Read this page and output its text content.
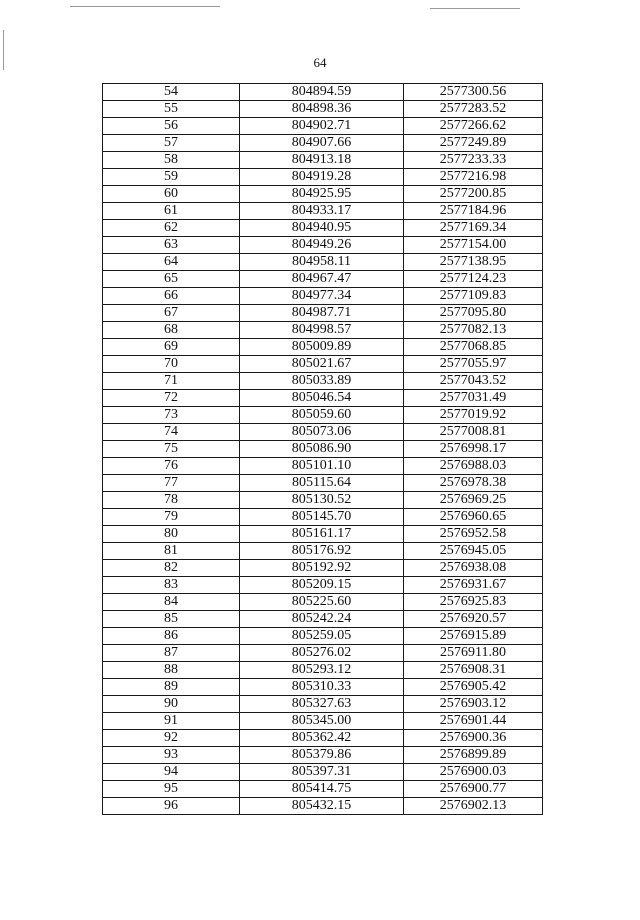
64
54	804894.59	2577300.56
55	804898.36	2577283.52
56	804902.71	2577266.62
57	804907.66	2577249.89
58	804913.18	2577233.33
59	804919.28	2577216.98
60	804925.95	2577200.85
61	804933.17	2577184.96
62	804940.95	2577169.34
63	804949.26	2577154.00
64	804958.11	2577138.95
65	804967.47	2577124.23
66	804977.34	2577109.83
67	804987.71	2577095.80
68	804998.57	2577082.13
69	805009.89	2577068.85
70	805021.67	2577055.97
71	805033.89	2577043.52
72	805046.54	2577031.49
73	805059.60	2577019.92
74	805073.06	2577008.81
75	805086.90	2576998.17
76	805101.10	2576988.03
77	805115.64	2576978.38
78	805130.52	2576969.25
79	805145.70	2576960.65
80	805161.17	2576952.58
81	805176.92	2576945.05
82	805192.92	2576938.08
83	805209.15	2576931.67
84	805225.60	2576925.83
85	805242.24	2576920.57
86	805259.05	2576915.89
87	805276.02	2576911.80
88	805293.12	2576908.31
89	805310.33	2576905.42
90	805327.63	2576903.12
91	805345.00	2576901.44
92	805362.42	2576900.36
93	805379.86	2576899.89
94	805397.31	2576900.03
95	805414.75	2576900.77
96	805432.15	2576902.13
